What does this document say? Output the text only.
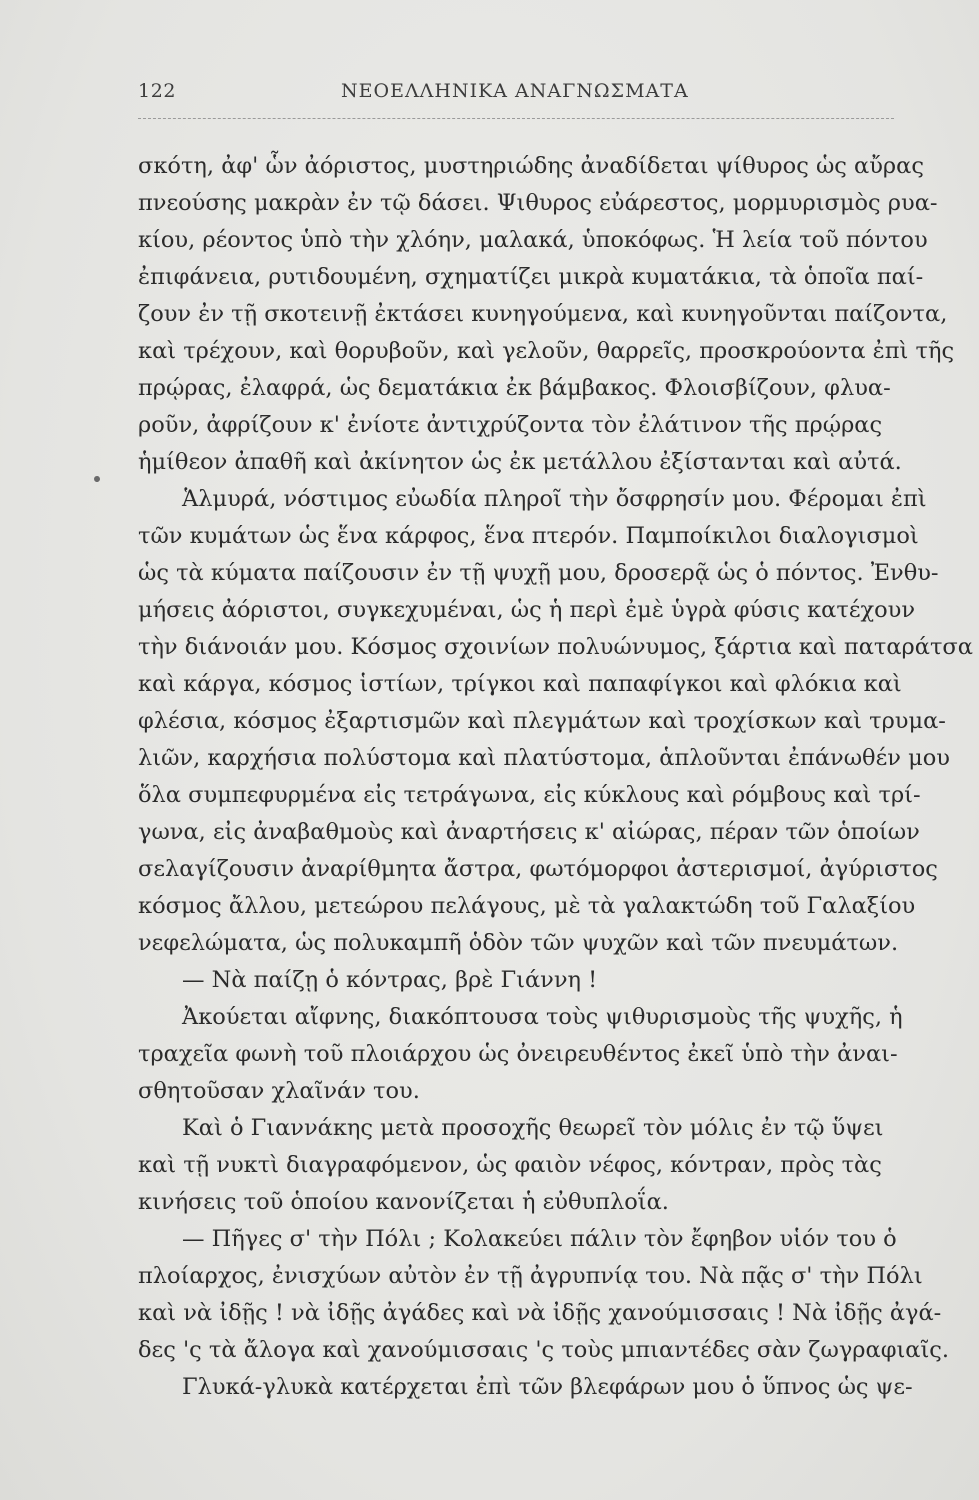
122	ΝΕΟΕΛΛΗΝΙΚΑ ΑΝΑΓΝΩΣΜΑΤΑ
σκότη, ἀφ' ὧν ἀόριστος, μυστηριώδης ἀναδίδεται ψίθυρος ὡς αὔρας
πνεούσης μακρὰν ἐν τῷ δάσει. Ψιθυρος εὐάρεστος, μορμυρισμὸς ρυα-
κίου, ρέοντος ὑπὸ τὴν χλόην, μαλακά, ὑποκόφως. Ἡ λεία τοῦ πόντου
ἐπιφάνεια, ρυτιδουμένη, σχηματίζει μικρὰ κυματάκια, τὰ ὁποῖα παί-
ζουν ἐν τῇ σκοτεινῇ ἐκτάσει κυνηγούμενα, καὶ κυνηγοῦνται παίζοντα,
καὶ τρέχουν, καὶ θορυβοῦν, καὶ γελοῦν, θαρρεῖς, προσκρούοντα ἐπὶ τῆς
πρῴρας, ἐλαφρά, ὡς δεματάκια ἐκ βάμβακος. Φλοισβίζουν, φλυα-
ροῦν, ἀφρίζουν κ' ἐνίοτε ἀντιχρύζοντα τὸν ἐλάτινον τῆς πρῴρας
ἡμίθεον ἀπαθῆ καὶ ἀκίνητον ὡς ἐκ μετάλλου ἐξίστανται καὶ αὐτά.
Ἁλμυρά, νόστιμος εὐωδία πληροῖ τὴν ὄσφρησίν μου. Φέρομαι ἐπὶ
τῶν κυμάτων ὡς ἕνα κάρφος, ἕνα πτερόν. Παμποίκιλοι διαλογισμοὶ
ὡς τὰ κύματα παίζουσιν ἐν τῇ ψυχῇ μου, δροσερᾷ ὡς ὁ πόντος. Ἐνθυ-
μήσεις ἀόριστοι, συγκεχυμέναι, ὡς ἡ περὶ ἐμὲ ὑγρὰ φύσις κατέχουν
τὴν διάνοιάν μου. Κόσμος σχοινίων πολυώνυμος, ξάρτια καὶ παταράτσα
καὶ κάργα, κόσμος ἱστίων, τρίγκοι καὶ παπαφίγκοι καὶ φλόκια καὶ
φλέσια, κόσμος ἐξαρτισμῶν καὶ πλεγμάτων καὶ τροχίσκων καὶ τρυμα-
λιῶν, καρχήσια πολύστομα καὶ πλατύστομα, ἁπλοῦνται ἐπάνωθέν μου
ὅλα συμπεφυρμένα εἰς τετράγωνα, εἰς κύκλους καὶ ρόμβους καὶ τρί-
γωνα, εἰς ἀναβαθμοὺς καὶ ἀναρτήσεις κ' αἰώρας, πέραν τῶν ὁποίων
σελαγίζουσιν ἀναρίθμητα ἄστρα, φωτόμορφοι ἀστερισμοί, ἀγύριστος
κόσμος ἄλλου, μετεώρου πελάγους, μὲ τὰ γαλακτώδη τοῦ Γαλαξίου
νεφελώματα, ὡς πολυκαμπῆ ὁδὸν τῶν ψυχῶν καὶ τῶν πνευμάτων.
— Νὰ παίζῃ ὁ κόντρας, βρὲ Γιάννη !
Ἀκούεται αἴφνης, διακόπτουσα τοὺς ψιθυρισμοὺς τῆς ψυχῆς, ἡ
τραχεῖα φωνὴ τοῦ πλοιάρχου ὡς ὀνειρευθέντος ἐκεῖ ὑπὸ τὴν ἀναι-
σθητοῦσαν χλαῖνάν του.
Καὶ ὁ Γιαννάκης μετὰ προσοχῆς θεωρεῖ τὸν μόλις ἐν τῷ ὕψει
καὶ τῇ νυκτὶ διαγραφόμενον, ὡς φαιὸν νέφος, κόντραν, πρὸς τὰς
κινήσεις τοῦ ὁποίου κανονίζεται ἡ εὐθυπλοΐα.
— Πῆγες σ' τὴν Πόλι ; Κολακεύει πάλιν τὸν ἔφηβον υἱόν του ὁ
πλοίαρχος, ἐνισχύων αὐτὸν ἐν τῇ ἀγρυπνίᾳ του. Νὰ πᾷς σ' τὴν Πόλι
καὶ νὰ ἰδῇς ! νὰ ἰδῇς ἀγάδες καὶ νὰ ἰδῇς χανούμισσαις ! Νὰ ἰδῇς ἀγά-
δες 'ς τὰ ἄλογα καὶ χανούμισσαις 'ς τοὺς μπιαντέδες σὰν ζωγραφιαῖς.
Γλυκά-γλυκὰ κατέρχεται ἐπὶ τῶν βλεφάρων μου ὁ ὕπνος ὡς ψε-
